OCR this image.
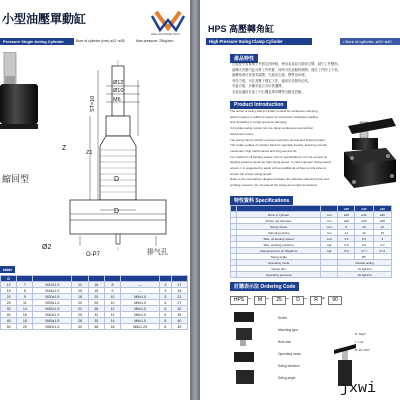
小型油壓單動缸
WELL-ADVANCED TECH
Pressure Single Acting Cylinder	Bore of cylinder (mm) ø12~ø35	Max pressure: 25kg/cm²
Ø12
Ø10
M6
ST=10
Z1
Z
D
D
Ø2
O-P7
縮回型
排气孔
table
D								
12	7	M12x1.0	12	16	8	—	3	17
16	8	M16x1.0	15	18	9	—	3	18
20	9	M20x1.5	18	20	10	M5x1.0	5	22
25	11	M25x1.5	20	25	10	M5x1.0	5	27
32	14	M32x1.5	22	28	12	M5x1.0	6	32
40	16	M40x1.5	25	32	14	M6x1.0	6	36
45	18	M45x1.5	28	35	14	M6x1.0	8	40
50	20	M50x1.5	30	38	16	M6x1.25	8	45
HPS 高壓轉角缸
High Pressure Swing Clamp Cylinder	• Bore of cylinder: ø25~ø40
產品特性
在製程中需要與工件固定的時候，使用本產品可節省空間，減少工件變形。
旋轉式夾緊汽缸可將工件夾緊，同時可在放鬆時移開，便於工件的上下料。
旋轉角度可依需求調整，左旋或右旋，標準為90度。
夾持力強，可在高壓下穩定工作，適用於各類夾治具。
安裝方便，多種安裝方式可供選擇。
本產品適用於加工中心機及專用機等自動化設備。
Product Introduction
The series of swing clamp cylinder is ideal for workpiece clamping,
which requires a sufficient space for convenient workpiece loading
and unloading in a high pressure clamping.
It provides swing motion (do not clamp workpiece) and vertical
hold down motion.
The swing clamp cylinder employs Germany oil seal and imported parts.
The inside surface of cylinder barrel is specially treated, featuring smooth
movement, high performance and long service life.
For maximum oil feeding speed, refer to specifications. Do not exceed oil
feeding speed to avoid too high swing speed. In case improper swing speed
occurs, it is suggested to equip with an additional oil flow control valve to
ensure the proper swing speed.
Refer to the comparison diagram between the effective clamping force and
working pressure. Do not extend the swing arm length as desired.
特性資料 Specifications
			ø25	ø32	ø40
	Bore of cylinder	mm	ø25	ø32	ø40
	Piston rod diameter	mm	ø16	ø20	ø25
	Swing stroke	mm	8	10	12
	Clamping stroke	mm	11	13	15
	Max. oil feeding speed	cc/s	3.5	6.5	9
	Max. working pressure	kgf	0.9	2.0	3.0
	Clamping force at 70kgf/cm²	kgf	8.9	17.7	27.6
	Swing angle			90°	
	Operating mode		Double acting		
	Clamp arm		10 kgf/cm²		
	Operating pressure		40 kgf/cm²		
訂購表示法 Ordering Code
HPS –	M –	25 –	D –	R ×	90
Series
Mounting type
Bore size
Operating mode
Swing direction
Swing angle
R: Right
L: Left
B: 90~180°
jxwi
